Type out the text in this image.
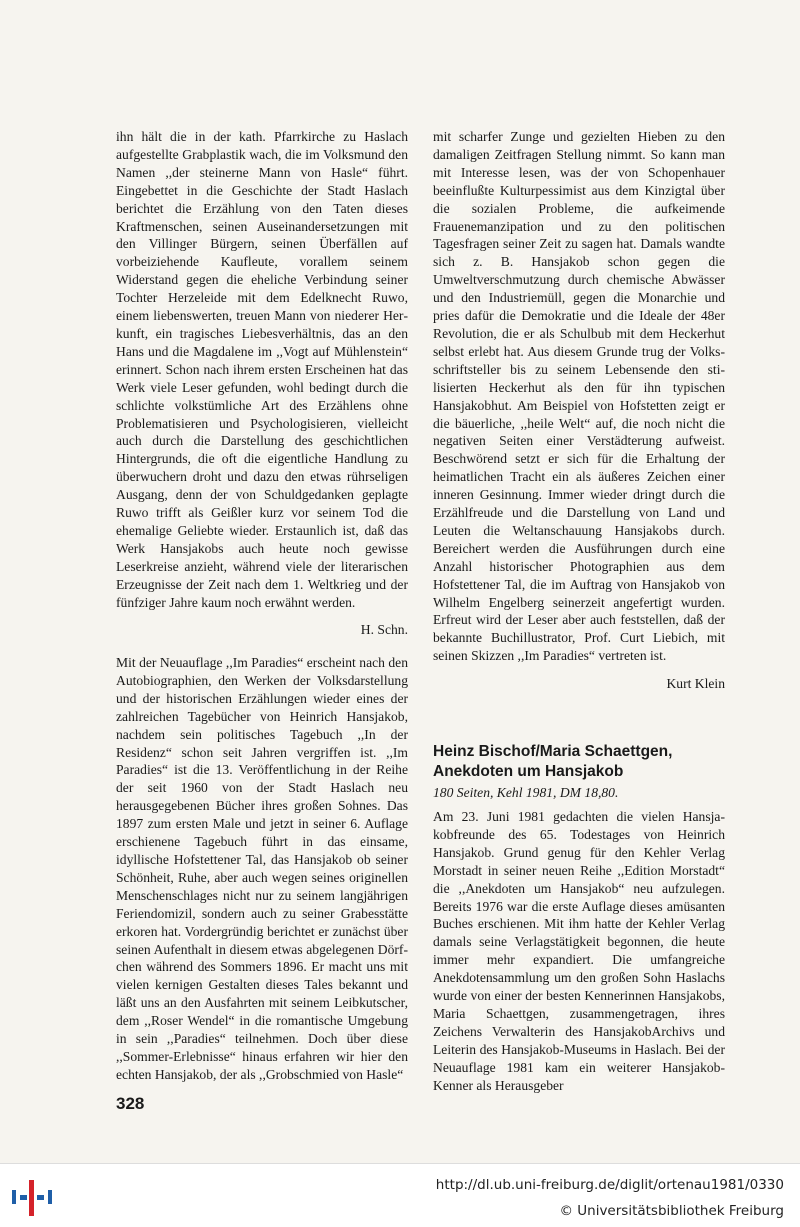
ihn hält die in der kath. Pfarrkirche zu Haslach aufgestellte Grabplastik wach, die im Volksmund den Namen ,,der steinerne Mann von Hasle“ führt. Eingebettet in die Geschichte der Stadt Haslach berichtet die Erzählung von den Taten dieses Kraftmenschen, seinen Auseinandersetzungen mit den Villinger Bürgern, seinen Überfällen auf vorbeiziehende Kaufleute, vorallem seinem Widerstand gegen die eheliche Verbindung seiner Tochter Herzeleide mit dem Edelknecht Ruwo, einem liebenswerten, treuen Mann von niederer Herkunft, ein tragisches Liebesverhältnis, das an den Hans und die Magdalene im ,,Vogt auf Mühlenstein“ erinnert. Schon nach ihrem ersten Erscheinen hat das Werk viele Leser gefunden, wohl bedingt durch die schlichte volkstümliche Art des Erzählens ohne Problematisieren und Psychologisieren, vielleicht auch durch die Darstellung des geschichtlichen Hintergrunds, die oft die eigentliche Handlung zu überwuchern droht und dazu den etwas rührseligen Ausgang, denn der von Schuldgedanken geplagte Ruwo trifft als Geißler kurz vor seinem Tod die ehemalige Geliebte wieder. Erstaunlich ist, daß das Werk Hansjakobs auch heute noch gewisse Leserkreise anzieht, während viele der literarischen Erzeugnisse der Zeit nach dem 1. Weltkrieg und der fünfziger Jahre kaum noch erwähnt werden.

H. Schn.

Mit der Neuauflage ,,Im Paradies“ erscheint nach den Autobiographien, den Werken der Volksdarstellung und der historischen Erzählungen wieder eines der zahlreichen Tagebücher von Heinrich Hansjakob, nachdem sein politisches Tagebuch ,,In der Residenz“ schon seit Jahren vergriffen ist. ,,Im Paradies“ ist die 13. Veröffentlichung in der Reihe der seit 1960 von der Stadt Haslach neu herausgegebenen Bücher ihres großen Sohnes. Das 1897 zum ersten Male und jetzt in seiner 6. Auflage erschienene Tagebuch führt in das einsame, idyllische Hofstettener Tal, das Hansjakob ob seiner Schönheit, Ruhe, aber auch wegen seines originellen Menschenschlages nicht nur zu seinem langjährigen Feriendomizil, sondern auch zu seiner Grabesstätte erkoren hat. Vordergründig berichtet er zunächst über seinen Aufenthalt in diesem etwas abgelegenen Dörfchen während des Sommers 1896. Er macht uns mit vielen kernigen Gestalten dieses Tales bekannt und läßt uns an den Ausfahrten mit seinem Leibkutscher, dem ,,Roser Wendel“ in die romantische Umgebung in sein ,,Paradies“ teilnehmen. Doch über diese ,,Sommer-Erlebnisse“ hinaus erfahren wir hier den echten Hansjakob, der als ,,Grobschmied von Hasle“
mit scharfer Zunge und gezielten Hieben zu den damaligen Zeitfragen Stellung nimmt. So kann man mit Interesse lesen, was der von Schopenhauer beeinflußte Kulturpessimist aus dem Kinzigtal über die sozialen Probleme, die aufkeimende Frauenemanzipation und zu den politischen Tagesfragen seiner Zeit zu sagen hat. Damals wandte sich z. B. Hansjakob schon gegen die Umweltverschmutzung durch chemische Abwässer und den Industriemüll, gegen die Monarchie und pries dafür die Demokratie und die Ideale der 48er Revolution, die er als Schulbub mit dem Heckerhut selbst erlebt hat. Aus diesem Grunde trug der Volksschriftsteller bis zu seinem Lebensende den stilisierten Heckerhut als den für ihn typischen Hansjakobhut. Am Beispiel von Hofstetten zeigt er die bäuerliche, ,,heile Welt“ auf, die noch nicht die negativen Seiten einer Verstädterung aufweist. Beschwörend setzt er sich für die Erhaltung der heimatlichen Tracht ein als äußeres Zeichen einer inneren Gesinnung. Immer wieder dringt durch die Erzählfreude und die Darstellung von Land und Leuten die Weltanschauung Hansjakobs durch. Bereichert werden die Ausführungen durch eine Anzahl historischer Photographien aus dem Hofstettener Tal, die im Auftrag von Hansjakob von Wilhelm Engelberg seinerzeit angefertigt wurden. Erfreut wird der Leser aber auch feststellen, daß der bekannte Buchillustrator, Prof. Curt Liebich, mit seinen Skizzen ,,Im Paradies“ vertreten ist.

Kurt Klein

Heinz Bischof/Maria Schaettgen,
Anekdoten um Hansjakob
180 Seiten, Kehl 1981, DM 18,80.
Am 23. Juni 1981 gedachten die vielen Hansjakobfreunde des 65. Todestages von Heinrich Hansjakob. Grund genug für den Kehler Verlag Morstadt in seiner neuen Reihe ,,Edition Morstadt“ die ,,Anekdoten um Hansjakob“ neu aufzulegen. Bereits 1976 war die erste Auflage dieses amüsanten Buches erschienen. Mit ihm hatte der Kehler Verlag damals seine Verlagstätigkeit begonnen, die heute immer mehr expandiert. Die umfangreiche Anekdotensammlung um den großen Sohn Haslachs wurde von einer der besten Kennerinnen Hansjakobs, Maria Schaettgen, zusammengetragen, ihres Zeichens Verwalterin des HansjakobArchivs und Leiterin des Hansjakob-Museums in Haslach. Bei der Neuauflage 1981 kam ein weiterer Hansjakob-Kenner als Herausgeber
328
http://dl.ub.uni-freiburg.de/diglit/ortenau1981/0330
© Universitätsbibliothek Freiburg
